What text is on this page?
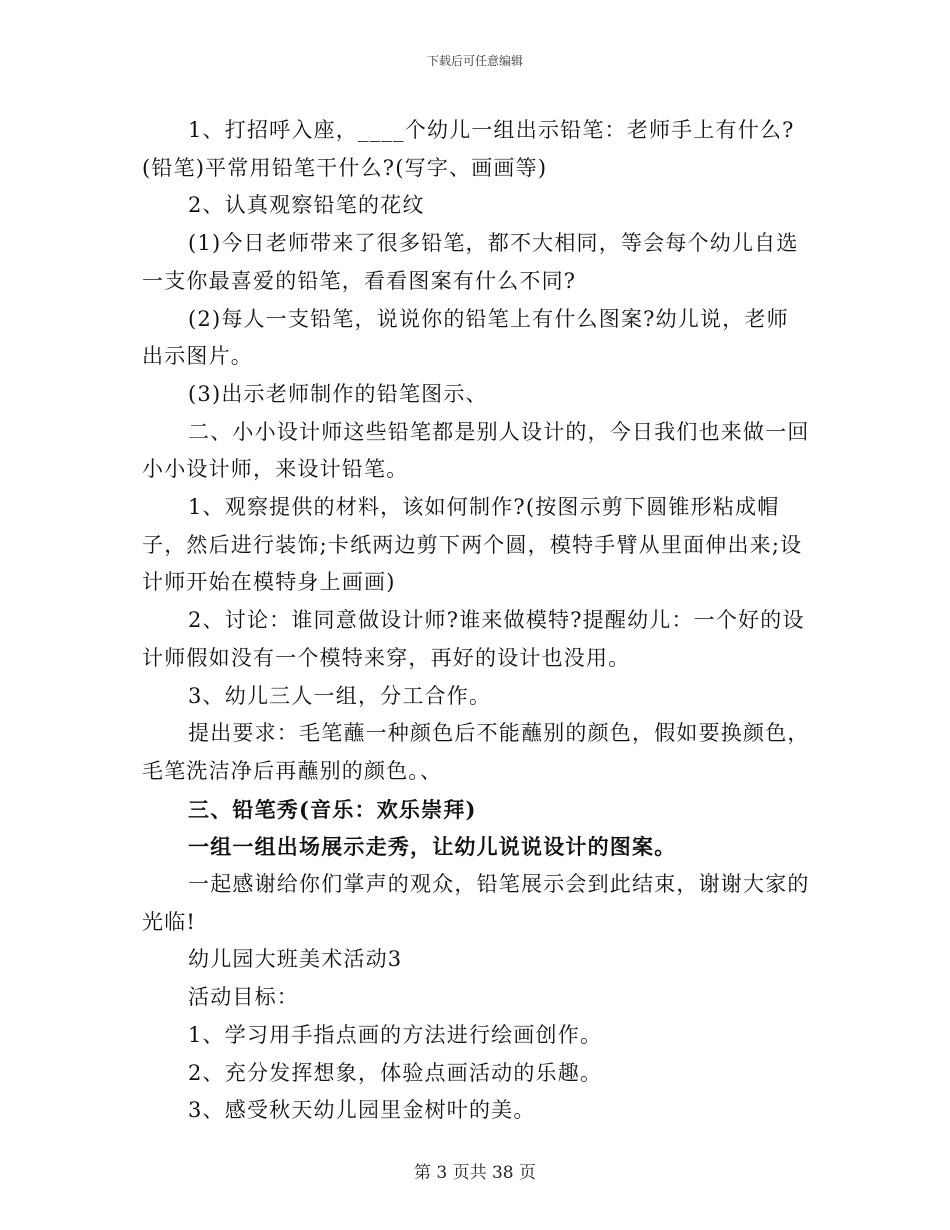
下载后可任意编辑

1、打招呼入座，____个幼儿一组出示铅笔：老师手上有什么?(铅笔)平常用铅笔干什么?(写字、画画等)

2、认真观察铅笔的花纹

(1)今日老师带来了很多铅笔，都不大相同，等会每个幼儿自选一支你最喜爱的铅笔，看看图案有什么不同?

(2)每人一支铅笔，说说你的铅笔上有什么图案?幼儿说，老师出示图片。

(3)出示老师制作的铅笔图示、

二、小小设计师这些铅笔都是别人设计的，今日我们也来做一回小小设计师，来设计铅笔。

1、观察提供的材料，该如何制作?(按图示剪下圆锥形粘成帽子，然后进行装饰;卡纸两边剪下两个圆，模特手臂从里面伸出来;设计师开始在模特身上画画)

2、讨论：谁同意做设计师?谁来做模特?提醒幼儿：一个好的设计师假如没有一个模特来穿，再好的设计也没用。

3、幼儿三人一组，分工合作。

提出要求：毛笔蘸一种颜色后不能蘸别的颜色，假如要换颜色，毛笔洗洁净后再蘸别的颜色。、

三、铅笔秀(音乐：欢乐崇拜)

一组一组出场展示走秀，让幼儿说说设计的图案。

一起感谢给你们掌声的观众，铅笔展示会到此结束，谢谢大家的光临!

幼儿园大班美术活动3

活动目标：

1、学习用手指点画的方法进行绘画创作。

2、充分发挥想象，体验点画活动的乐趣。

3、感受秋天幼儿园里金树叶的美。

第 3 页共 38 页
